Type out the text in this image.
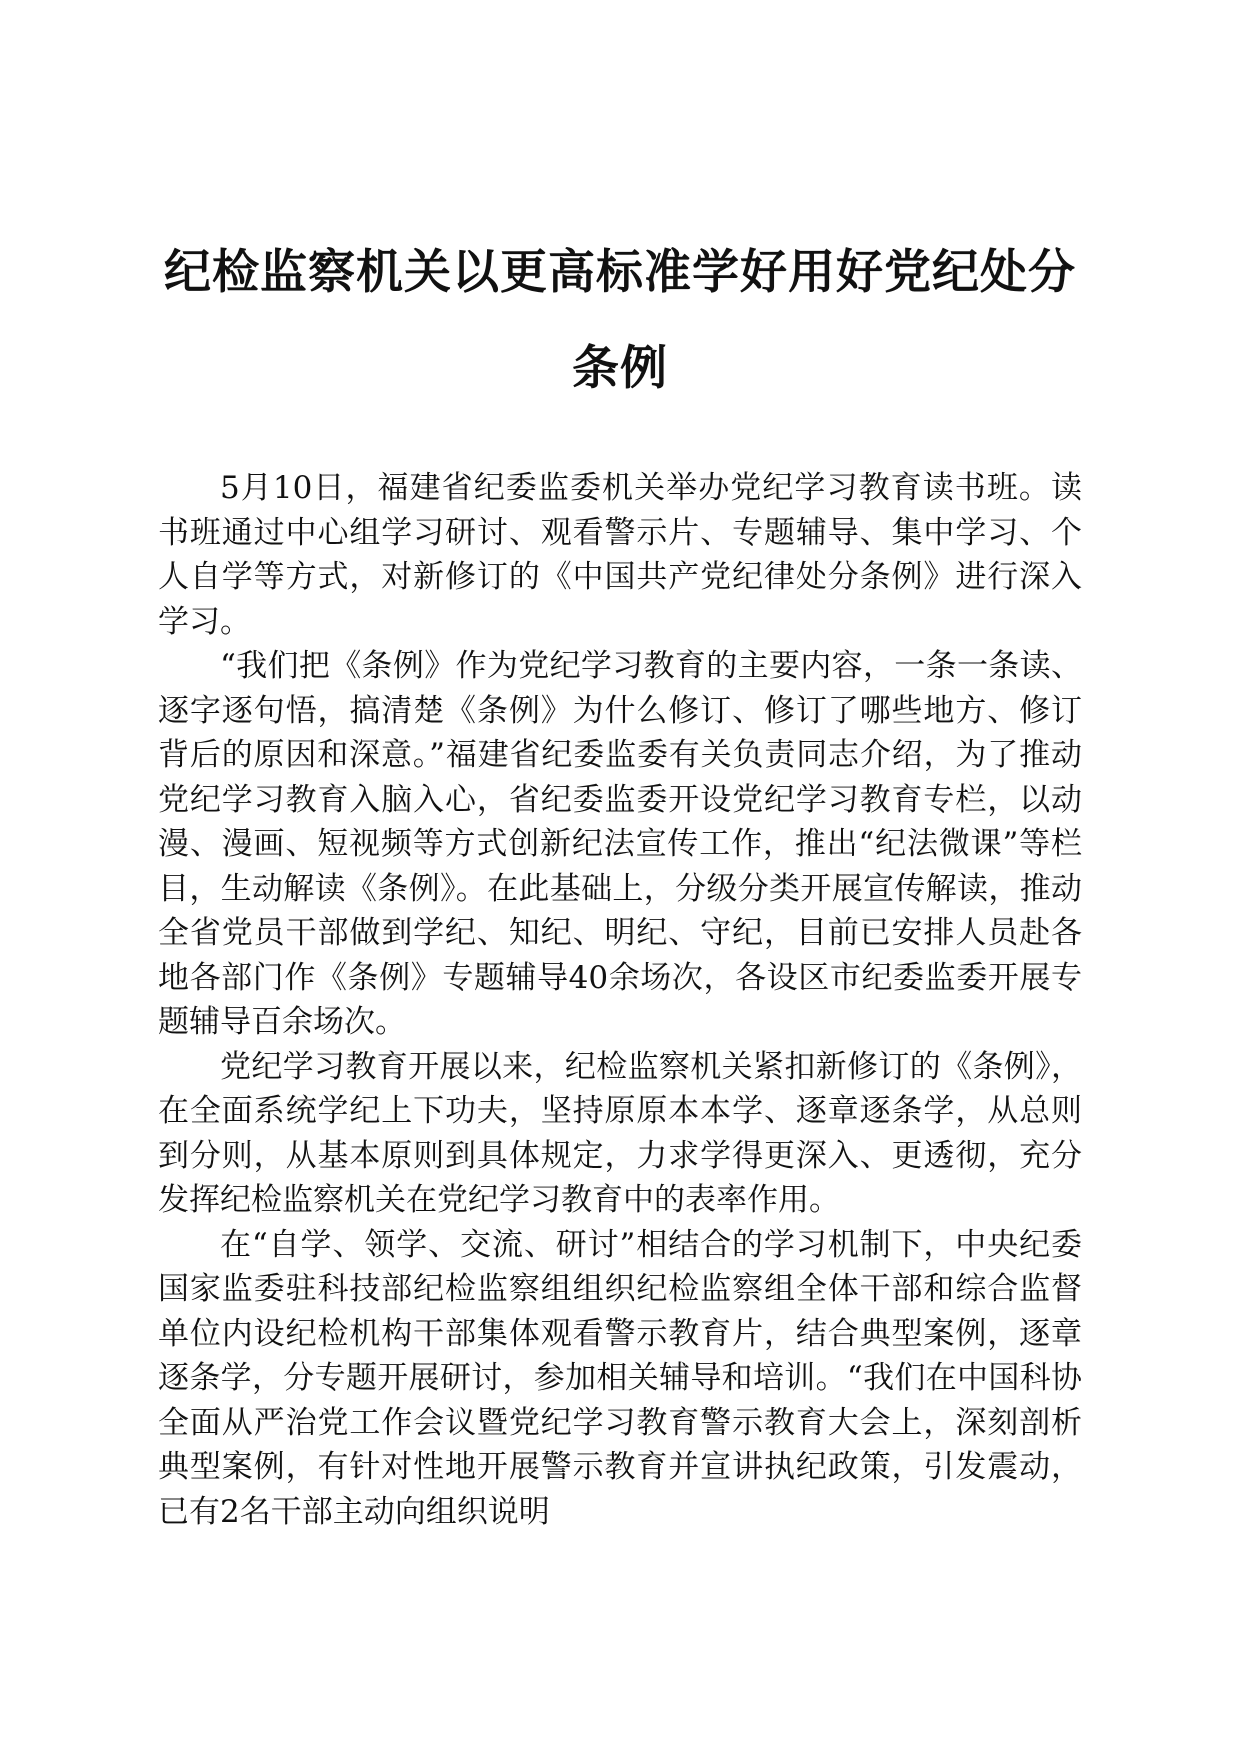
纪检监察机关以更高标准学好用好党纪处分条例

5月10日，福建省纪委监委机关举办党纪学习教育读书班。读书班通过中心组学习研讨、观看警示片、专题辅导、集中学习、个人自学等方式，对新修订的《中国共产党纪律处分条例》进行深入学习。

“我们把《条例》作为党纪学习教育的主要内容，一条一条读、逐字逐句悟，搞清楚《条例》为什么修订、修订了哪些地方、修订背后的原因和深意。”福建省纪委监委有关负责同志介绍，为了推动党纪学习教育入脑入心，省纪委监委开设党纪学习教育专栏，以动漫、漫画、短视频等方式创新纪法宣传工作，推出“纪法微课”等栏目，生动解读《条例》。在此基础上，分级分类开展宣传解读，推动全省党员干部做到学纪、知纪、明纪、守纪，目前已安排人员赴各地各部门作《条例》专题辅导40余场次，各设区市纪委监委开展专题辅导百余场次。

党纪学习教育开展以来，纪检监察机关紧扣新修订的《条例》，在全面系统学纪上下功夫，坚持原原本本学、逐章逐条学，从总则到分则，从基本原则到具体规定，力求学得更深入、更透彻，充分发挥纪检监察机关在党纪学习教育中的表率作用。

在“自学、领学、交流、研讨”相结合的学习机制下，中央纪委国家监委驻科技部纪检监察组组织纪检监察组全体干部和综合监督单位内设纪检机构干部集体观看警示教育片，结合典型案例，逐章逐条学，分专题开展研讨，参加相关辅导和培训。“我们在中国科协全面从严治党工作会议暨党纪学习教育警示教育大会上，深刻剖析典型案例，有针对性地开展警示教育并宣讲执纪政策，引发震动，已有2名干部主动向组织说明
